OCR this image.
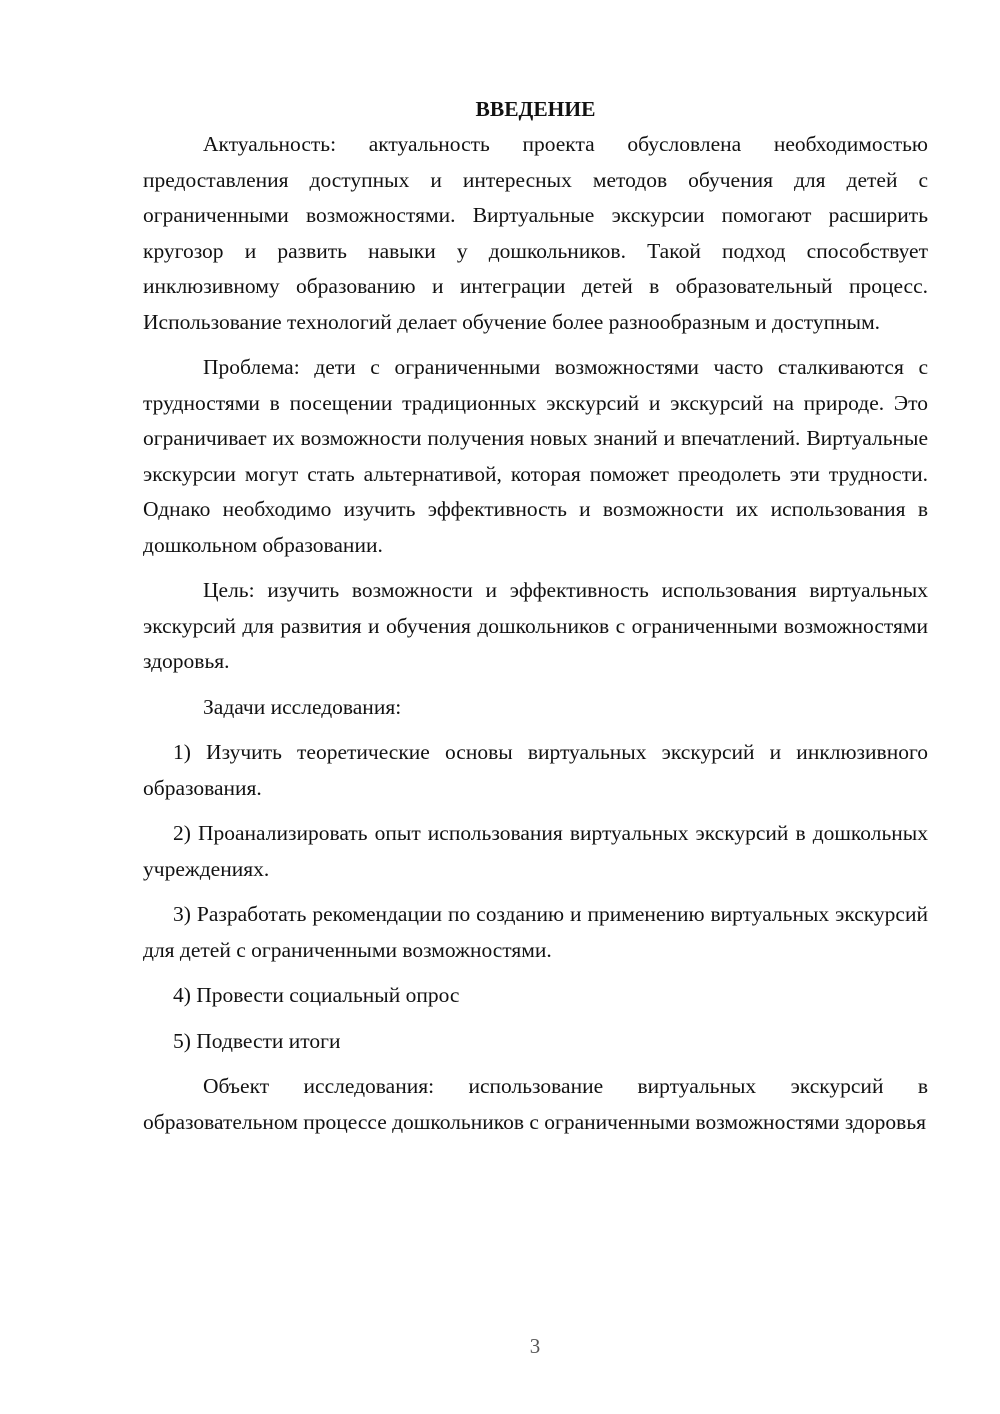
ВВЕДЕНИЕ

Актуальность: актуальность проекта обусловлена необходимостью предоставления доступных и интересных методов обучения для детей с ограниченными возможностями. Виртуальные экскурсии помогают расширить кругозор и развить навыки у дошкольников. Такой подход способствует инклюзивному образованию и интеграции детей в образовательный процесс. Использование технологий делает обучение более разнообразным и доступным.

Проблема: дети с ограниченными возможностями часто сталкиваются с трудностями в посещении традиционных экскурсий и экскурсий на природе. Это ограничивает их возможности получения новых знаний и впечатлений. Виртуальные экскурсии могут стать альтернативой, которая поможет преодолеть эти трудности. Однако необходимо изучить эффективность и возможности их использования в дошкольном образовании.

Цель: изучить возможности и эффективность использования виртуальных экскурсий для развития и обучения дошкольников с ограниченными возможностями здоровья.

Задачи исследования:

1) Изучить теоретические основы виртуальных экскурсий и инклюзивного образования.

2) Проанализировать опыт использования виртуальных экскурсий в дошкольных учреждениях.

3) Разработать рекомендации по созданию и применению виртуальных экскурсий для детей с ограниченными возможностями.

4) Провести социальный опрос

5) Подвести итоги

Объект исследования: использование виртуальных экскурсий в образовательном процессе дошкольников с ограниченными возможностями здоровья

3
